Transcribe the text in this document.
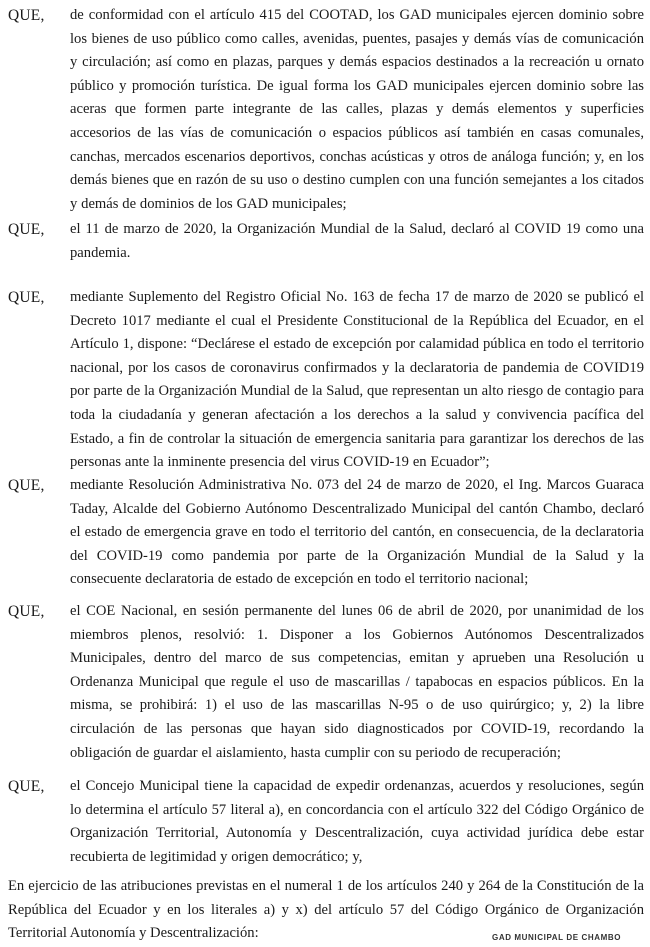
QUE, de conformidad con el artículo 415 del COOTAD, los GAD municipales ejercen dominio sobre los bienes de uso público como calles, avenidas, puentes, pasajes y demás vías de comunicación y circulación; así como en plazas, parques y demás espacios destinados a la recreación u ornato público y promoción turística. De igual forma los GAD municipales ejercen dominio sobre las aceras que formen parte integrante de las calles, plazas y demás elementos y superficies accesorios de las vías de comunicación o espacios públicos así también en casas comunales, canchas, mercados escenarios deportivos, conchas acústicas y otros de análoga función; y, en los demás bienes que en razón de su uso o destino cumplen con una función semejantes a los citados y demás de dominios de los GAD municipales;
QUE, el 11 de marzo de 2020, la Organización Mundial de la Salud, declaró al COVID 19 como una pandemia.
QUE, mediante Suplemento del Registro Oficial No. 163 de fecha 17 de marzo de 2020 se publicó el Decreto 1017 mediante el cual el Presidente Constitucional de la República del Ecuador, en el Artículo 1, dispone: “Declárese el estado de excepción por calamidad pública en todo el territorio nacional, por los casos de coronavirus confirmados y la declaratoria de pandemia de COVID19 por parte de la Organización Mundial de la Salud, que representan un alto riesgo de contagio para toda la ciudadanía y generan afectación a los derechos a la salud y convivencia pacífica del Estado, a fin de controlar la situación de emergencia sanitaria para garantizar los derechos de las personas ante la inminente presencia del virus COVID-19 en Ecuador”;
QUE, mediante Resolución Administrativa No. 073 del 24 de marzo de 2020, el Ing. Marcos Guaraca Taday, Alcalde del Gobierno Autónomo Descentralizado Municipal del cantón Chambo, declaró el estado de emergencia grave en todo el territorio del cantón, en consecuencia, de la declaratoria del COVID-19 como pandemia por parte de la Organización Mundial de la Salud y la consecuente declaratoria de estado de excepción en todo el territorio nacional;
QUE, el COE Nacional, en sesión permanente del lunes 06 de abril de 2020, por unanimidad de los miembros plenos, resolvió: 1. Disponer a los Gobiernos Autónomos Descentralizados Municipales, dentro del marco de sus competencias, emitan y aprueben una Resolución u Ordenanza Municipal que regule el uso de mascarillas / tapabocas en espacios públicos. En la misma, se prohibirá: 1) el uso de las mascarillas N-95 o de uso quirúrgico; y, 2) la libre circulación de las personas que hayan sido diagnosticados por COVID-19, recordando la obligación de guardar el aislamiento, hasta cumplir con su periodo de recuperación;
QUE, el Concejo Municipal tiene la capacidad de expedir ordenanzas, acuerdos y resoluciones, según lo determina el artículo 57 literal a), en concordancia con el artículo 322 del Código Orgánico de Organización Territorial, Autonomía y Descentralización, cuya actividad jurídica debe estar recubierta de legitimidad y origen democrático; y,
En ejercicio de las atribuciones previstas en el numeral 1 de los artículos 240 y 264 de la Constitución de la República del Ecuador y en los literales a) y x) del artículo 57 del Código Orgánico de Organización Territorial Autonomía y Descentralización:	GAD MUNICIPAL DE CHAMBO
